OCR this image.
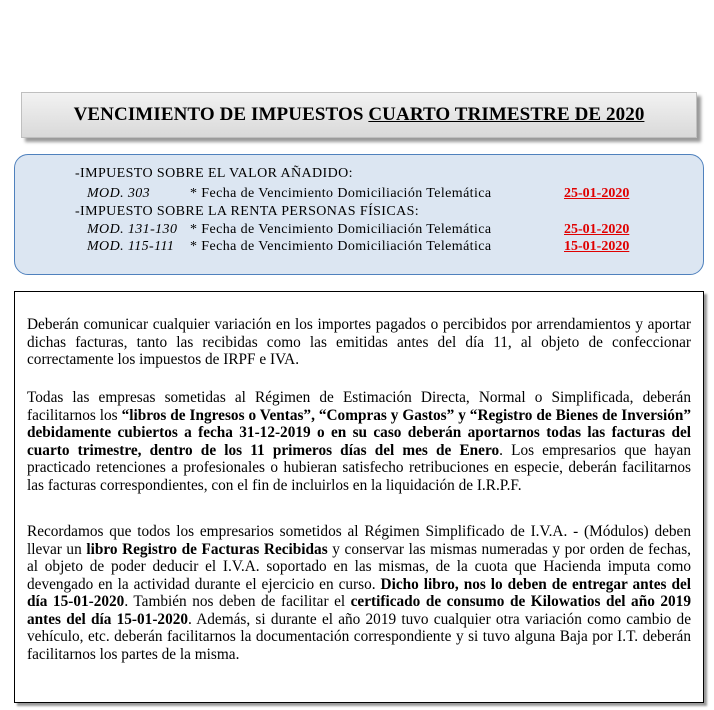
VENCIMIENTO DE IMPUESTOS CUARTO TRIMESTRE DE 2020
-IMPUESTO SOBRE EL VALOR AÑADIDO:
MOD. 303	* Fecha de Vencimiento Domiciliación Telemática	25-01-2020
-IMPUESTO SOBRE LA RENTA PERSONAS FÍSICAS:
MOD. 131-130 * Fecha de Vencimiento Domiciliación Telemática	25-01-2020
MOD. 115-111 * Fecha de Vencimiento Domiciliación Telemática	15-01-2020

Deberán comunicar cualquier variación en los importes pagados o percibidos por arrendamientos y aportar dichas facturas, tanto las recibidas como las emitidas antes del día 11, al objeto de confeccionar correctamente los impuestos de IRPF e IVA.

Todas las empresas sometidas al Régimen de Estimación Directa, Normal o Simplificada, deberán facilitarnos los “libros de Ingresos o Ventas”, “Compras y Gastos” y “Registro de Bienes de Inversión” debidamente cubiertos a fecha 31-12-2019 o en su caso deberán aportarnos todas las facturas del cuarto trimestre, dentro de los 11 primeros días del mes de Enero. Los empresarios que hayan practicado retenciones a profesionales o hubieran satisfecho retribuciones en especie, deberán facilitarnos las facturas correspondientes, con el fin de incluirlos en la liquidación de I.R.P.F.

Recordamos que todos los empresarios sometidos al Régimen Simplificado de I.V.A. - (Módulos) deben llevar un libro Registro de Facturas Recibidas y conservar las mismas numeradas y por orden de fechas, al objeto de poder deducir el I.V.A. soportado en las mismas, de la cuota que Hacienda imputa como devengado en la actividad durante el ejercicio en curso. Dicho libro, nos lo deben de entregar antes del día 15-01-2020. También nos deben de facilitar el certificado de consumo de Kilowatios del año 2019 antes del día 15-01-2020. Además, si durante el año 2019 tuvo cualquier otra variación como cambio de vehículo, etc. deberán facilitarnos la documentación correspondiente y si tuvo alguna Baja por I.T. deberán facilitarnos los partes de la misma.
